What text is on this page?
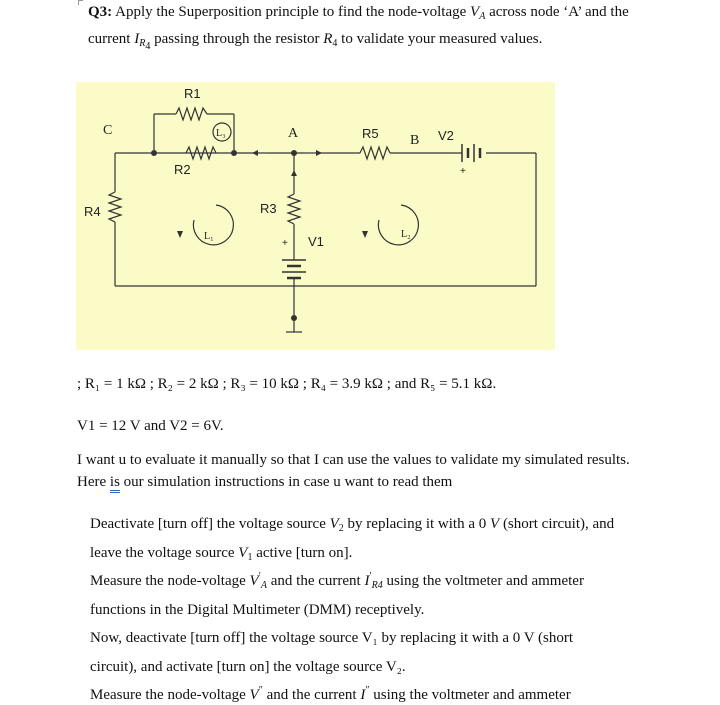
Q3: Apply the Superposition principle to find the node-voltage $V_A$ across node ‘A’ and the
current $I_{R_4}$ passing through the resistor $R_4$ to validate your measured values.
R1
R2
R3
R4
R5
V1
V2
A	B
C
L₁	L₂
L₃
+
+
; R₁ = 1 kΩ ; R₂ = 2 kΩ ; R₃ = 10 kΩ ; R₄ = 3.9 kΩ ; and R₅ = 5.1 kΩ.
V1 = 12 V and V2 = 6V.
I want u to evaluate it manually so that I can use the values to validate my simulated results.
Here is our simulation instructions in case u want to read them
Deactivate [turn off] the voltage source $V_2$ by replacing it with a 0 V (short circuit), and
leave the voltage source $V_1$ active [turn on].
Measure the node-voltage $V'_A$ and the current $I'_{R4}$ using the voltmeter and ammeter
functions in the Digital Multimeter (DMM) receptively.
Now, deactivate [turn off] the voltage source V₁ by replacing it with a 0 V (short
circuit), and activate [turn on] the voltage source V₂.
Measure the node-voltage V″ and the current I″ using the voltmeter and ammeter
